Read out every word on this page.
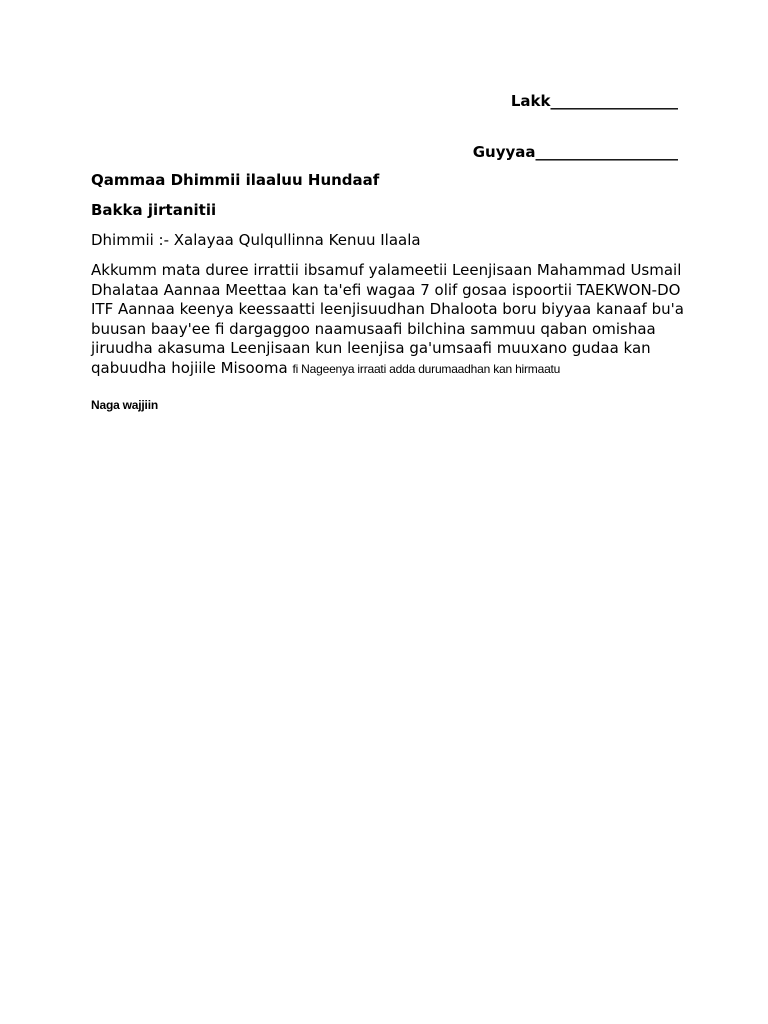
Lakk_________________
Guyyaa___________________
Qammaa Dhimmii ilaaluu Hundaaf
Bakka jirtanitii
Dhimmii :- Xalayaa Qulqullinna Kenuu Ilaala
Akkumm mata duree irrattii ibsamuf yalameetii Leenjisaan Mahammad Usmail Dhalataa Aannaa Meettaa kan ta'efi wagaa 7 olif gosaa ispoortii TAEKWON-DO ITF Aannaa keenya keessaatti leenjisuudhan Dhaloota boru biyyaa kanaaf bu'a buusan baay'ee fi dargaggoo naamusaafi bilchina sammuu qaban omishaa jiruudha akasuma Leenjisaan kun leenjisa ga'umsaafi muuxano gudaa kan qabuudha hojiile Misooma fi Nageenya irraati adda durumaadhan kan hirmaatu
Naga wajjiin
